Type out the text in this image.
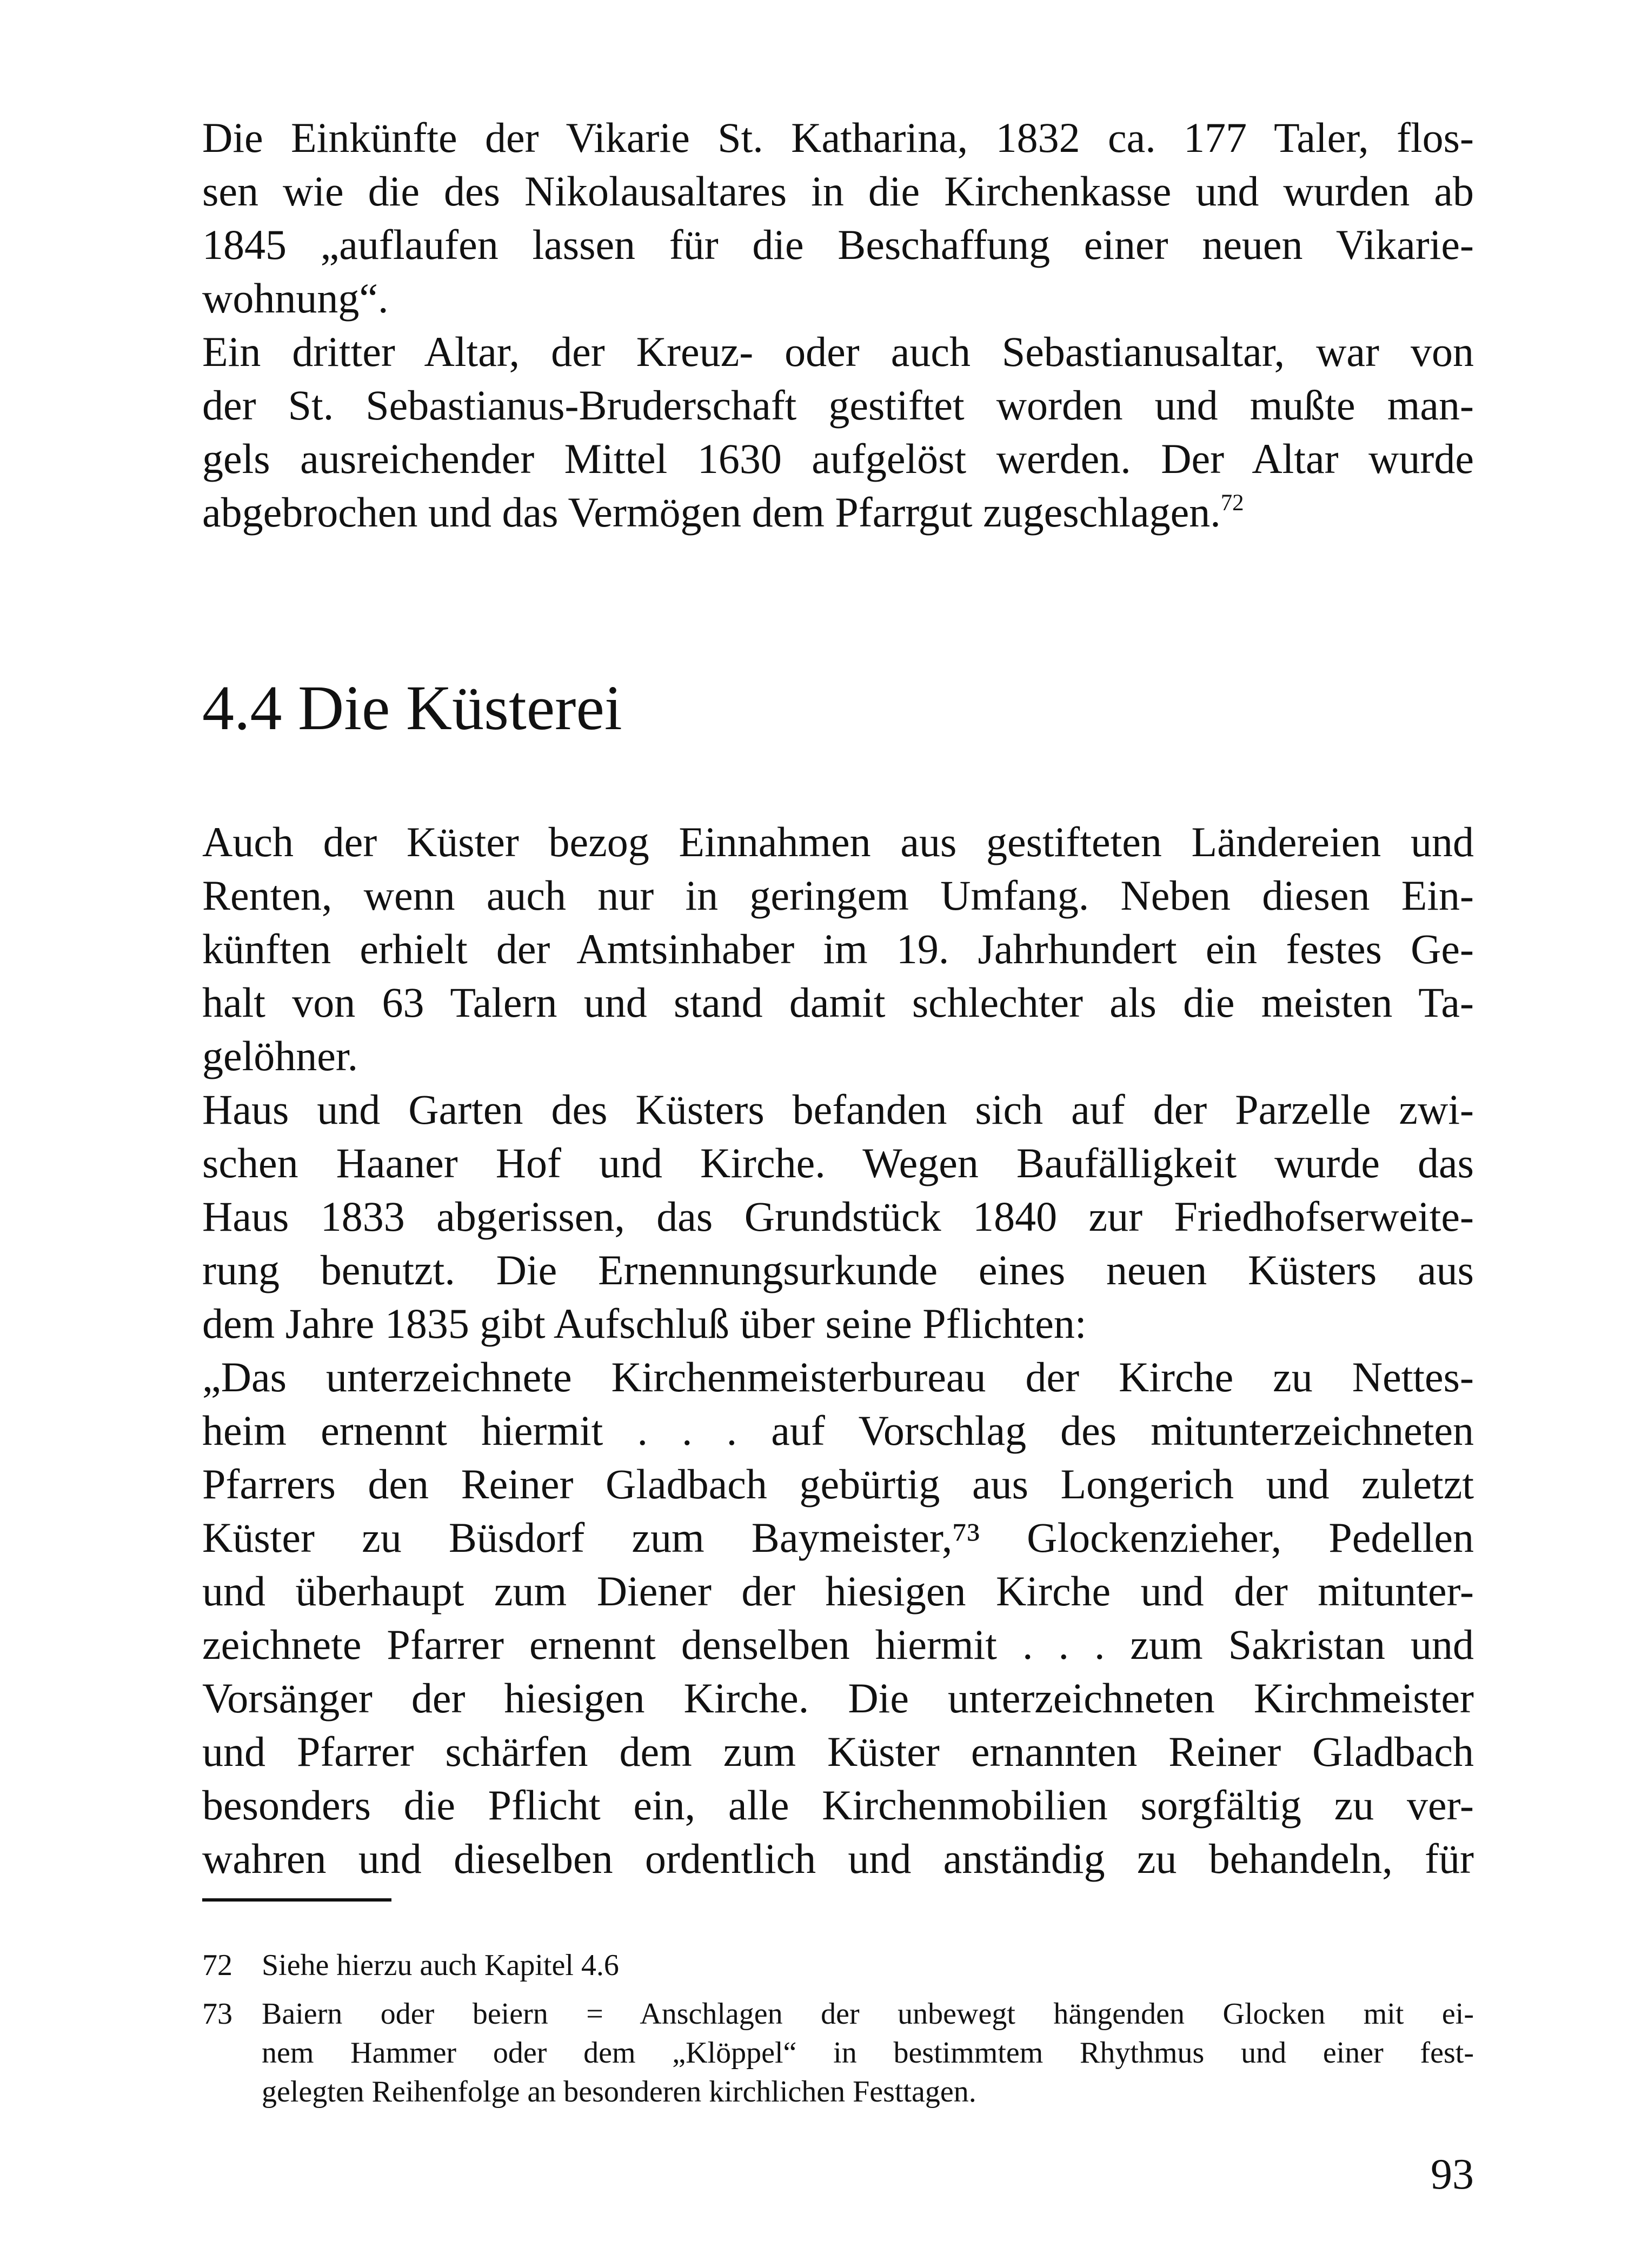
Die Einkünfte der Vikarie St. Katharina, 1832 ca. 177 Taler, flos-
sen wie die des Nikolausaltares in die Kirchenkasse und wurden ab
1845 „auflaufen lassen für die Beschaffung einer neuen Vikarie-
wohnung“.
Ein dritter Altar, der Kreuz- oder auch Sebastianusaltar, war von
der St. Sebastianus-Bruderschaft gestiftet worden und mußte man-
gels ausreichender Mittel 1630 aufgelöst werden. Der Altar wurde
abgebrochen und das Vermögen dem Pfarrgut zugeschlagen.$^{72}$
4.4 Die Küsterei
Auch der Küster bezog Einnahmen aus gestifteten Ländereien und
Renten, wenn auch nur in geringem Umfang. Neben diesen Ein-
künften erhielt der Amtsinhaber im 19. Jahrhundert ein festes Ge-
halt von 63 Talern und stand damit schlechter als die meisten Ta-
gelöhner.
Haus und Garten des Küsters befanden sich auf der Parzelle zwi-
schen Haaner Hof und Kirche. Wegen Baufälligkeit wurde das
Haus 1833 abgerissen, das Grundstück 1840 zur Friedhofserweite-
rung benutzt. Die Ernennungsurkunde eines neuen Küsters aus
dem Jahre 1835 gibt Aufschluß über seine Pflichten:
„Das unterzeichnete Kirchenmeisterbureau der Kirche zu Nettes-
heim ernennt hiermit . . . auf Vorschlag des mitunterzeichneten
Pfarrers den Reiner Gladbach gebürtig aus Longerich und zuletzt
Küster zu Büsdorf zum Baymeister,⁷³ Glockenzieher, Pedellen
und überhaupt zum Diener der hiesigen Kirche und der mitunter-
zeichnete Pfarrer ernennt denselben hiermit . . . zum Sakristan und
Vorsänger der hiesigen Kirche. Die unterzeichneten Kirchmeister
und Pfarrer schärfen dem zum Küster ernannten Reiner Gladbach
besonders die Pflicht ein, alle Kirchenmobilien sorgfältig zu ver-
wahren und dieselben ordentlich und anständig zu behandeln, für
72 Siehe hierzu auch Kapitel 4.6
73 Baiern oder beiern = Anschlagen der unbewegt hängenden Glocken mit ei-
nem Hammer oder dem „Klöppel“ in bestimmtem Rhythmus und einer fest-
gelegten Reihenfolge an besonderen kirchlichen Festtagen.
93
